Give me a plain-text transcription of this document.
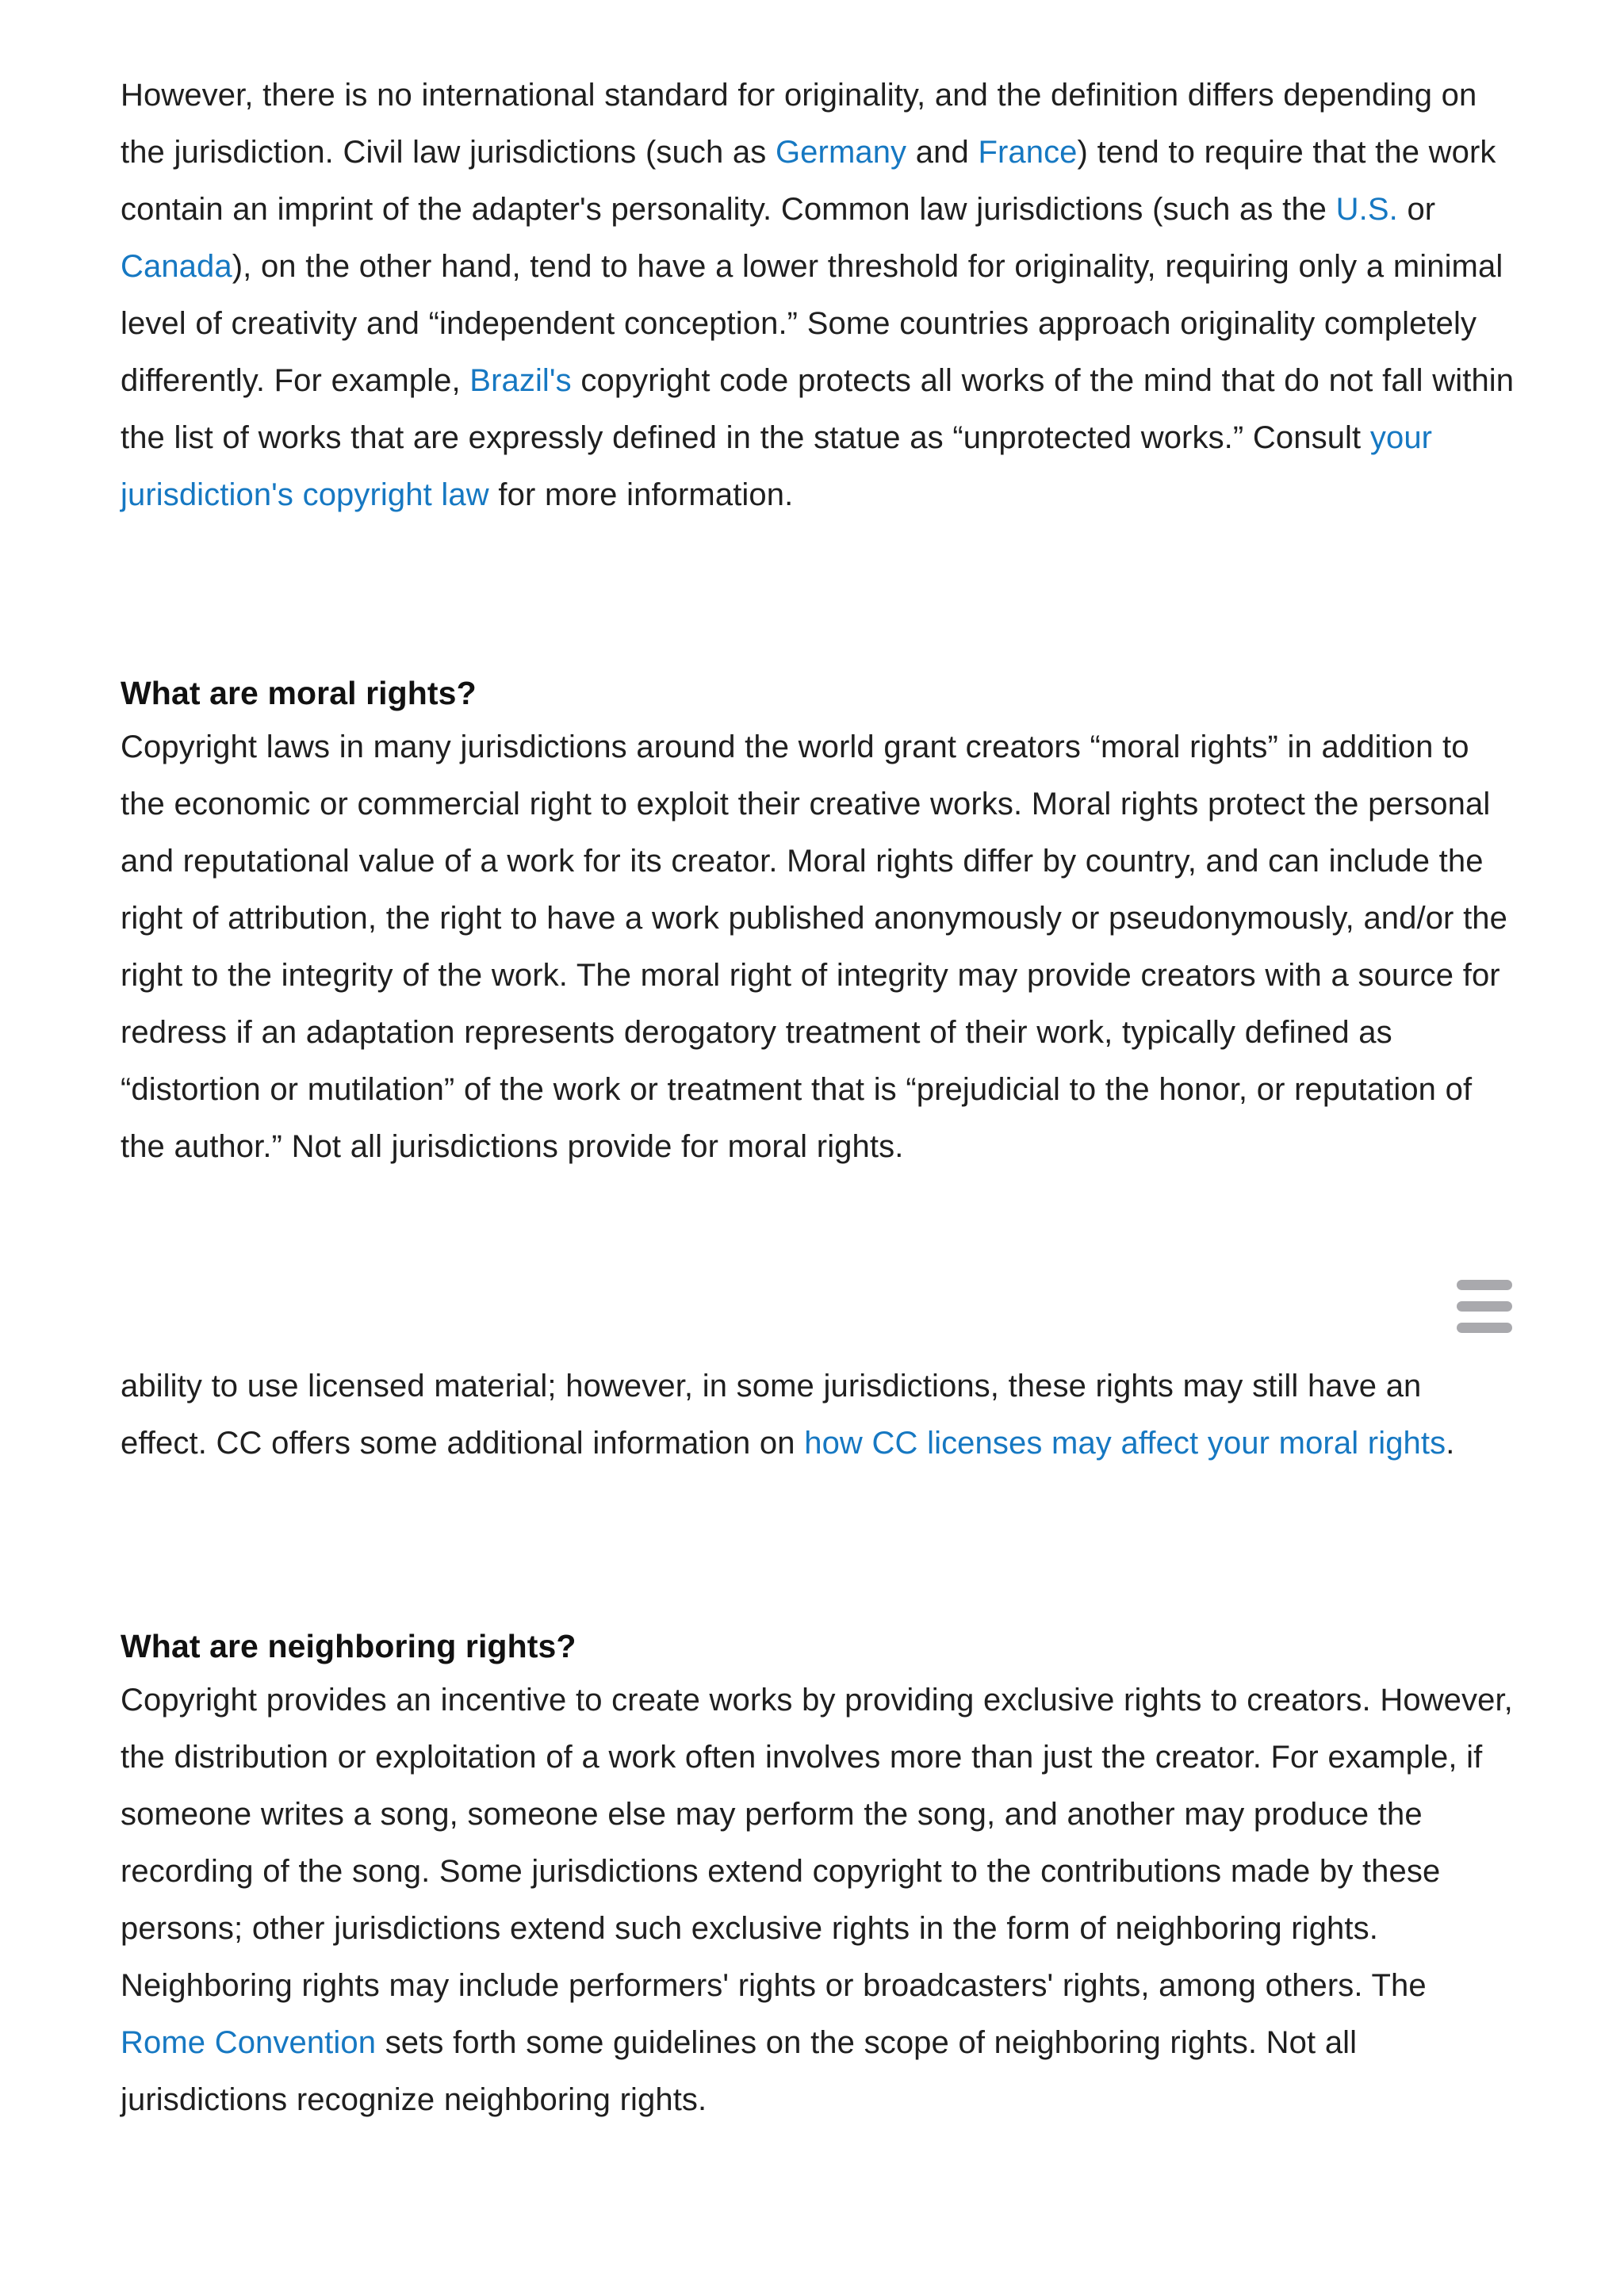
However, there is no international standard for originality, and the definition differs depending on the jurisdiction. Civil law jurisdictions (such as Germany and France) tend to require that the work contain an imprint of the adapter's personality. Common law jurisdictions (such as the U.S. or Canada), on the other hand, tend to have a lower threshold for originality, requiring only a minimal level of creativity and “independent conception.” Some countries approach originality completely differently. For example, Brazil's copyright code protects all works of the mind that do not fall within the list of works that are expressly defined in the statue as “unprotected works.” Consult your jurisdiction's copyright law for more information.

What are moral rights?

Copyright laws in many jurisdictions around the world grant creators “moral rights” in addition to the economic or commercial right to exploit their creative works. Moral rights protect the personal and reputational value of a work for its creator. Moral rights differ by country, and can include the right of attribution, the right to have a work published anonymously or pseudonymously, and/or the right to the integrity of the work. The moral right of integrity may provide creators with a source for redress if an adaptation represents derogatory treatment of their work, typically defined as “distortion or mutilation” of the work or treatment that is “prejudicial to the honor, or reputation of the author.” Not all jurisdictions provide for moral rights.

ability to use licensed material; however, in some jurisdictions, these rights may still have an effect. CC offers some additional information on how CC licenses may affect your moral rights.

What are neighboring rights?

Copyright provides an incentive to create works by providing exclusive rights to creators. However, the distribution or exploitation of a work often involves more than just the creator. For example, if someone writes a song, someone else may perform the song, and another may produce the recording of the song. Some jurisdictions extend copyright to the contributions made by these persons; other jurisdictions extend such exclusive rights in the form of neighboring rights. Neighboring rights may include performers' rights or broadcasters' rights, among others. The Rome Convention sets forth some guidelines on the scope of neighboring rights. Not all jurisdictions recognize neighboring rights.
